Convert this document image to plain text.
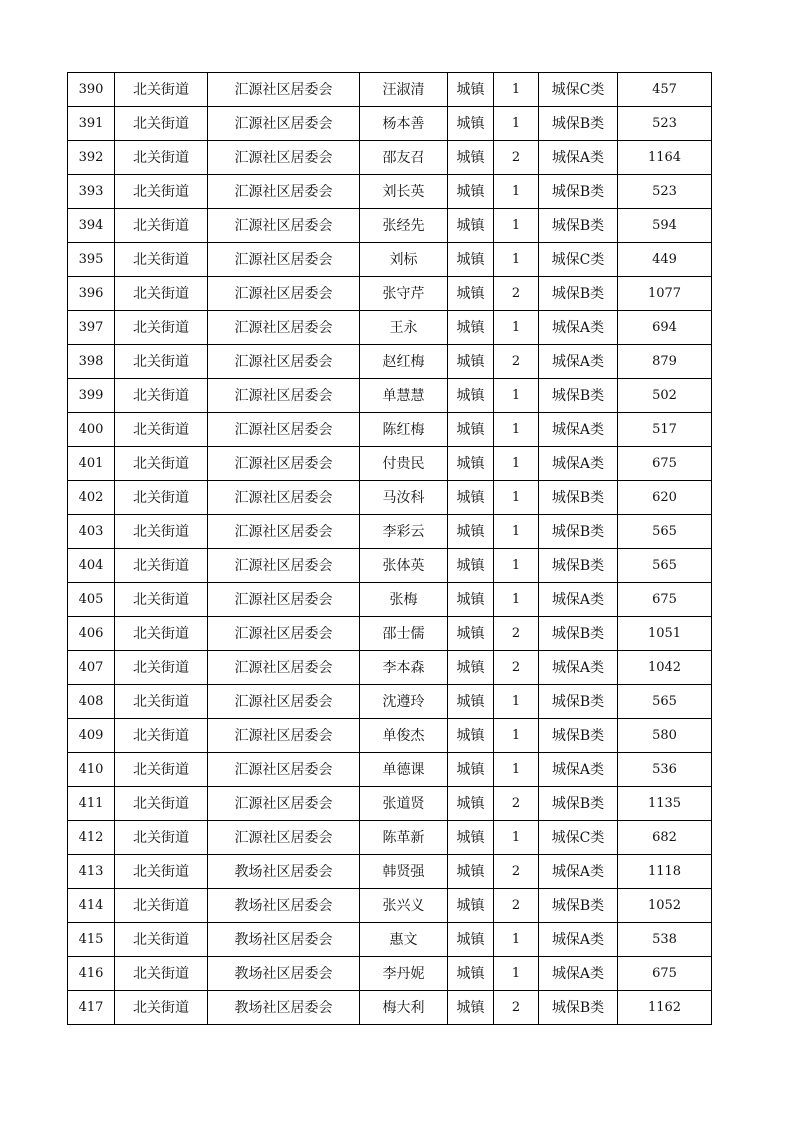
390	北关街道	汇源社区居委会	汪淑清	城镇	1	城保C类	457
391	北关街道	汇源社区居委会	杨本善	城镇	1	城保B类	523
392	北关街道	汇源社区居委会	邵友召	城镇	2	城保A类	1164
393	北关街道	汇源社区居委会	刘长英	城镇	1	城保B类	523
394	北关街道	汇源社区居委会	张经先	城镇	1	城保B类	594
395	北关街道	汇源社区居委会	刘标	城镇	1	城保C类	449
396	北关街道	汇源社区居委会	张守芹	城镇	2	城保B类	1077
397	北关街道	汇源社区居委会	王永	城镇	1	城保A类	694
398	北关街道	汇源社区居委会	赵红梅	城镇	2	城保A类	879
399	北关街道	汇源社区居委会	单慧慧	城镇	1	城保B类	502
400	北关街道	汇源社区居委会	陈红梅	城镇	1	城保A类	517
401	北关街道	汇源社区居委会	付贵民	城镇	1	城保A类	675
402	北关街道	汇源社区居委会	马汝科	城镇	1	城保B类	620
403	北关街道	汇源社区居委会	李彩云	城镇	1	城保B类	565
404	北关街道	汇源社区居委会	张体英	城镇	1	城保B类	565
405	北关街道	汇源社区居委会	张梅	城镇	1	城保A类	675
406	北关街道	汇源社区居委会	邵士儒	城镇	2	城保B类	1051
407	北关街道	汇源社区居委会	李本森	城镇	2	城保A类	1042
408	北关街道	汇源社区居委会	沈遵玲	城镇	1	城保B类	565
409	北关街道	汇源社区居委会	单俊杰	城镇	1	城保B类	580
410	北关街道	汇源社区居委会	单德课	城镇	1	城保A类	536
411	北关街道	汇源社区居委会	张道贤	城镇	2	城保B类	1135
412	北关街道	汇源社区居委会	陈革新	城镇	1	城保C类	682
413	北关街道	教场社区居委会	韩贤强	城镇	2	城保A类	1118
414	北关街道	教场社区居委会	张兴义	城镇	2	城保B类	1052
415	北关街道	教场社区居委会	惠文	城镇	1	城保A类	538
416	北关街道	教场社区居委会	李丹妮	城镇	1	城保A类	675
417	北关街道	教场社区居委会	梅大利	城镇	2	城保B类	1162
